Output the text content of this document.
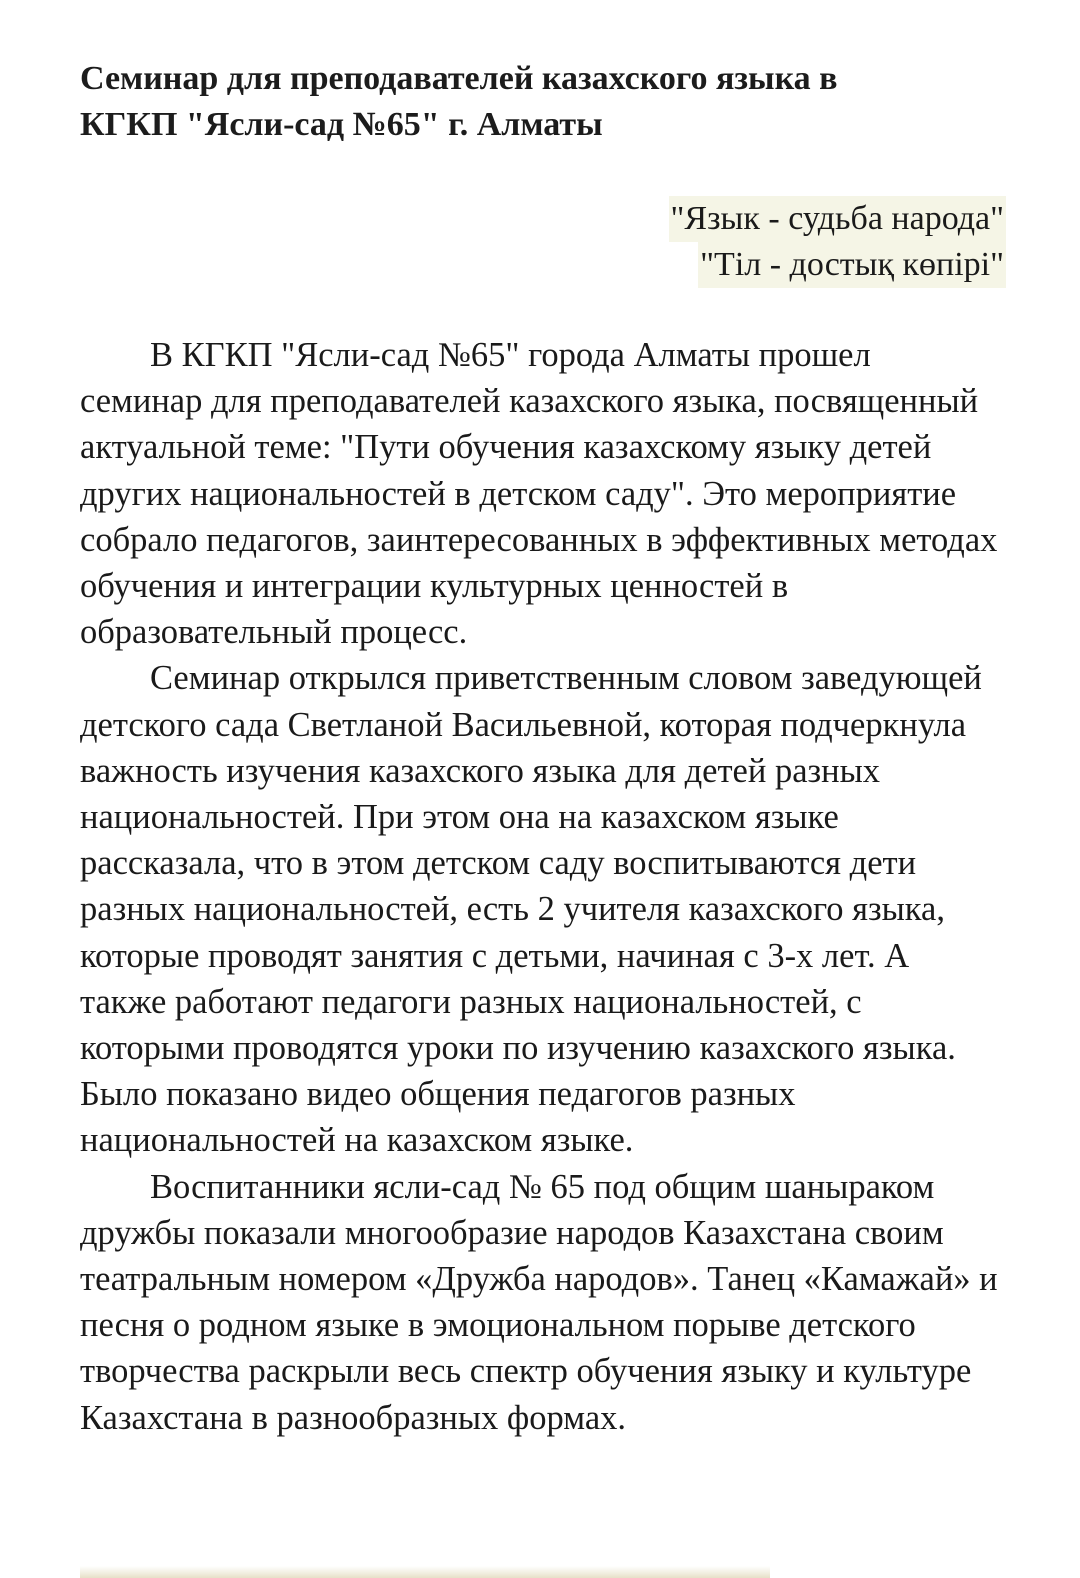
Семинар для преподавателей казахского языка в
КГКП "Ясли-сад №65" г. Алматы
"Язык - судьба народа"
"Тіл - достық көпірі"

В КГКП "Ясли-сад №65" города Алматы прошел семинар для преподавателей казахского языка, посвященный актуальной теме: "Пути обучения казахскому языку детей других национальностей в детском саду". Это мероприятие собрало педагогов, заинтересованных в эффективных методах обучения и интеграции культурных ценностей в образовательный процесс.

Семинар открылся приветственным словом заведующей детского сада Светланой Васильевной, которая подчеркнула важность изучения казахского языка для детей разных национальностей. При этом она на казахском языке рассказала, что в этом детском саду воспитываются дети разных национальностей, есть 2 учителя казахского языка, которые проводят занятия с детьми, начиная с 3-х лет. А также работают педагоги разных национальностей, с которыми проводятся уроки по изучению казахского языка. Было показано видео общения педагогов разных национальностей на казахском языке.

Воспитанники ясли-сад № 65 под общим шаныраком дружбы показали многообразие народов Казахстана своим театральным номером «Дружба народов». Танец «Камажай» и песня о родном языке в эмоциональном порыве детского творчества раскрыли весь спектр обучения языку и культуре Казахстана в разнообразных формах.
